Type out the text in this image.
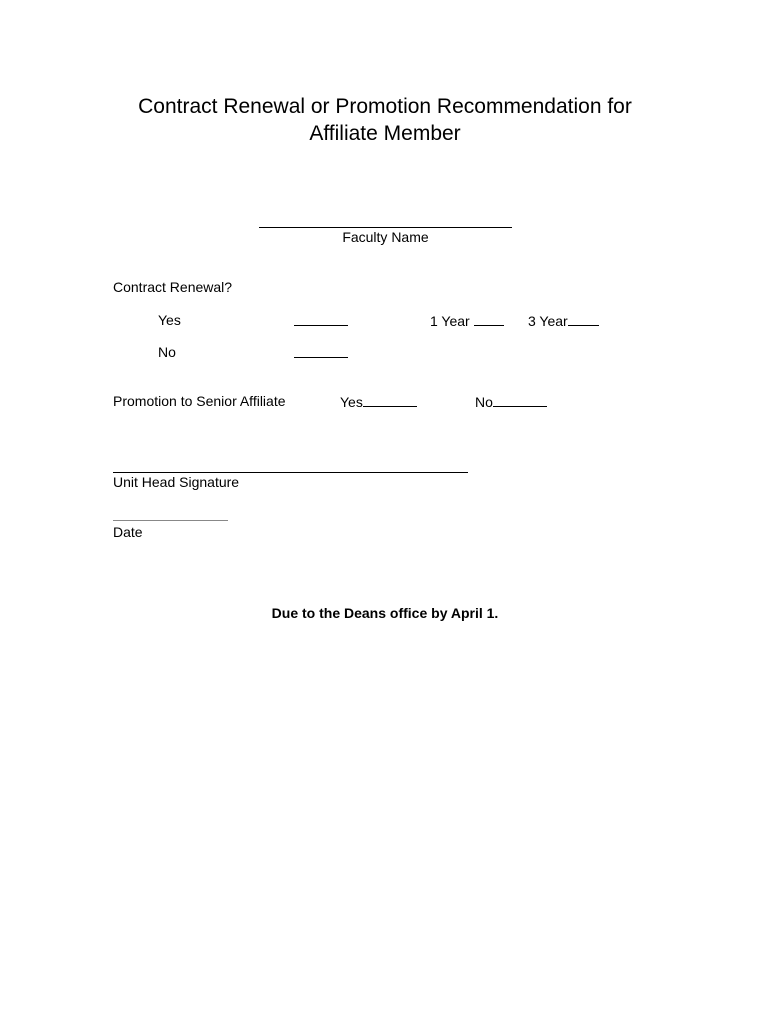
Contract Renewal or Promotion Recommendation for
Affiliate Member
Faculty Name
Contract Renewal?
Yes	1 Year	3 Year
No
Promotion to Senior Affiliate	Yes	No
Unit Head Signature
Date
Due to the Deans office by April 1.
